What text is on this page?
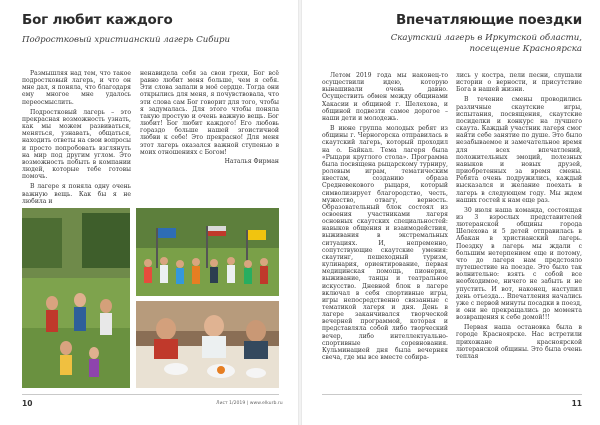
Бог любит каждого
Подростковый христианский лагерь Сибири

Размышляя над тем, что такое подростковый лагерь, и что он мне дал, я поняла, что благодаря ему многое мне удалось переосмыслить.

Подростковый лагерь – это прекрасная возможность узнать, как мы можем развиваться, меняться, узнавать, общаться, находить ответы на свои вопросы и просто попробовать взглянуть на мир под другим углом. Это возможность побыть в компании людей, которые тебе готовы помочь.

В лагере я поняла одну очень важную вещь. Как бы я не любила и

ненавидела себя за свои грехи, Бог всё равно любит меня больше, чем я себя. Эти слова запали в моё сердце. Тогда они открылись для меня, я почувствовала, что эти слова сам Бог говорит для того, чтобы я задумалась. Для этого чтобы поняла такую простую и очень важную вещь. Бог любит! Бог любит каждого! Его любовь гораздо больше нашей эгоистичной любви к себе! Это прекрасно! Для меня этот лагерь оказался важной ступенью в моих отношениях с Богом!

Наталья Фирман
10	Лист 1/2019 | www.elkurb.ru
Впечатляющие поездки
Скаутский лагерь в Иркутской области,
посещение Красноярска

Летом 2019 года мы наконец-то осуществили идею, которую вынашивали очень давно. Осуществить обмен между общинами Хакасии и общиной г. Шелехова, и общиной подвезти самое дорогое – наши дети и молодежь.

В июне группа молодых ребят из общины г. Черногорска отправилась в скаутский лагерь, который проходил на о. Байкал. Тема лагеря была «Рыцари круглого стола». Программа была посвящена рыцарскому турниру, ролевым играм, тематическим квестам, созданию образа Средневекового рыцаря, который символизирует благородство, честь, мужество, отвагу, верность. Образовательный блок состоял из освоения участниками лагеря основных скаутских специальностей: навыков общения и взаимодействия, выживания в экстремальных ситуациях. И, непременно, сопутствующие скаутские умения: скаутинг, пешеходный туризм, кулинария, ориентирование, первая медицинская помощь, пионерия, выживание, танцы и театральное искусство. Дневной блок в лагере включал в себя спортивные игры, игры непосредственно связанные с тематикой лагеря и дня. День в лагере заканчивался творческой вечерней программой, которая и представляла собой либо творческий вечер, либо интеллектуально-спортивные соревнования. Кульминацией дня была вечерняя свеча, где мы все вместе собира-

лись у костра, пели песни, слушали истории о верности, и присутствие Бога в нашей жизни.

В течение смены проводились различные скаутские игры, испытания, посвящения, скаутские посиделки и конкурс на лучшего скаута. Каждый участник лагеря смог найти себе занятие по душе. Это было незабываемое и замечательное время для всех впечатлений, положительных эмоций, полезных навыков и новых друзей, приобретенных за время смены. Ребята очень подружились, каждый высказался и желание поехать в лагерь в следующем году. Мы ждем наших гостей к нам еще раз.

30 июля наша команда, состоящая из 3 взрослых представителей лютеранской общины города Шелехова и 5 детей отправилась в Абакан в христианский лагерь. Поездку в лагерь мы ждали с большим нетерпением еще и потому, что до лагеря нам предстояло путешествие на поезде. Это было так волнительно: взять с собой все необходимое, ничего не забыть и не упустить. И вот, наконец, наступил день отъезда... Впечатления начались уже с первой минуты посадки в поезд, и они не прекращались до момента возвращения к себе домой!!!

Первая наша остановка была в городе Красноярске. Нас встретили прихожане красноярской лютеранской общины. Это была очень теплая

11
